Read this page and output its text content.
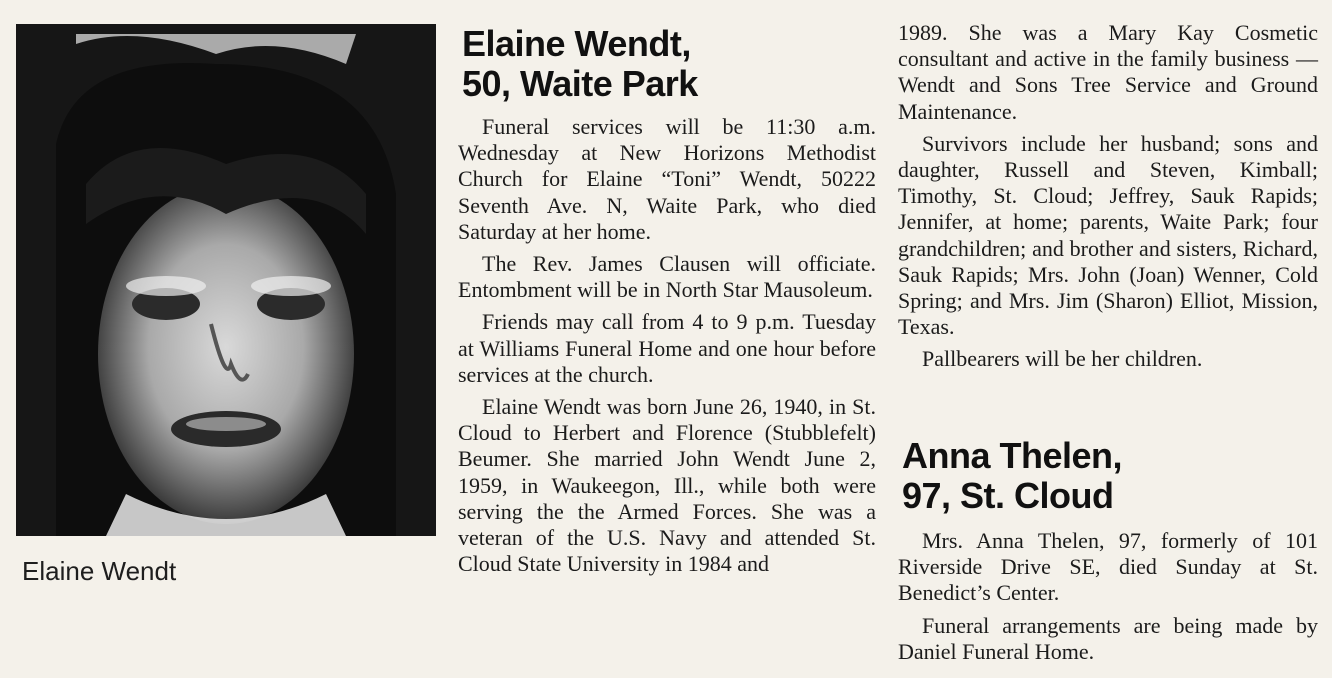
Elaine Wendt
Elaine Wendt,
50, Waite Park

Funeral services will be 11:30 a.m. Wednesday at New Horizons Methodist Church for Elaine “Toni” Wendt, 50222 Seventh Ave. N, Waite Park, who died Saturday at her home.

The Rev. James Clausen will officiate. Entombment will be in North Star Mausoleum.

Friends may call from 4 to 9 p.m. Tuesday at Williams Funeral Home and one hour before services at the church.

Elaine Wendt was born June 26, 1940, in St. Cloud to Herbert and Florence (Stubblefelt) Beumer. She married John Wendt June 2, 1959, in Waukeegon, Ill., while both were serving the the Armed Forces. She was a veteran of the U.S. Navy and attended St. Cloud State University in 1984 and

1989. She was a Mary Kay Cosmetic consultant and active in the family business — Wendt and Sons Tree Service and Ground Maintenance.

Survivors include her husband; sons and daughter, Russell and Steven, Kimball; Timothy, St. Cloud; Jeffrey, Sauk Rapids; Jennifer, at home; parents, Waite Park; four grandchildren; and brother and sisters, Richard, Sauk Rapids; Mrs. John (Joan) Wenner, Cold Spring; and Mrs. Jim (Sharon) Elliot, Mission, Texas.

Pallbearers will be her children.

Anna Thelen,
97, St. Cloud

Mrs. Anna Thelen, 97, formerly of 101 Riverside Drive SE, died Sunday at St. Benedict’s Center.

Funeral arrangements are being made by Daniel Funeral Home.
